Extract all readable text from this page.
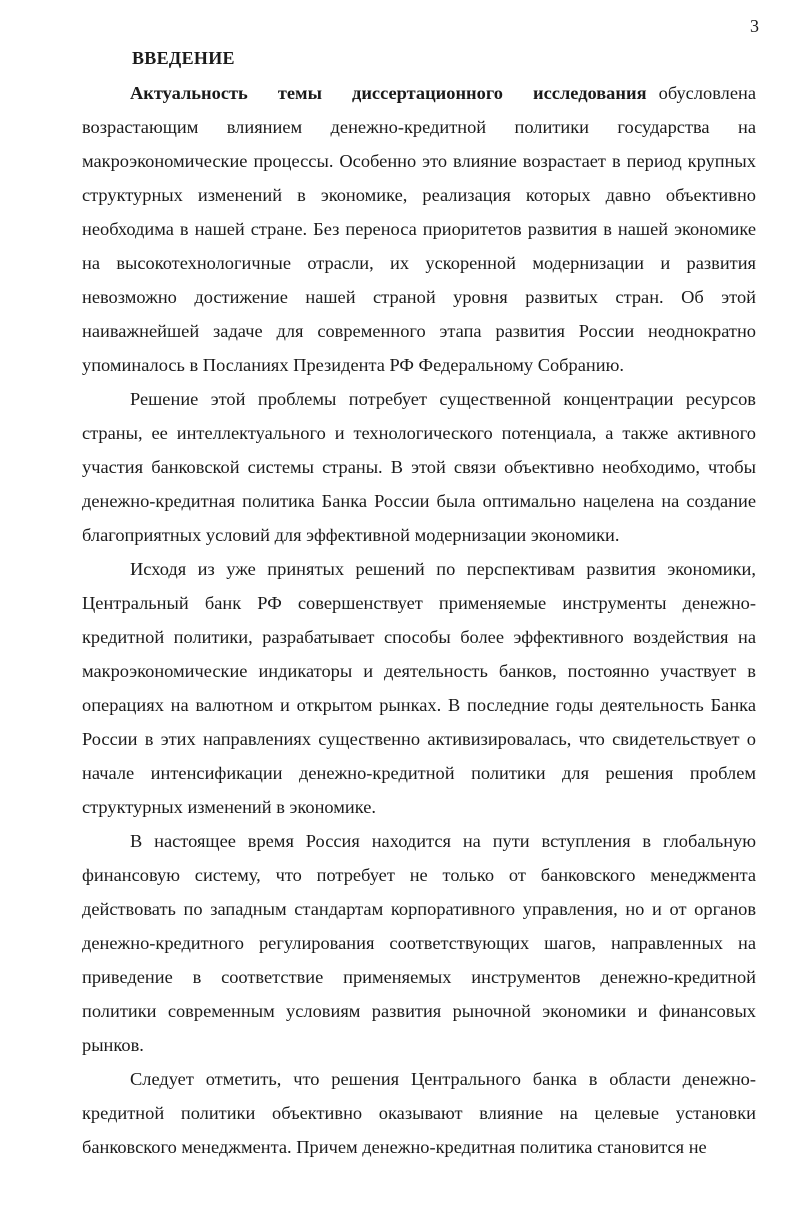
3
ВВЕДЕНИЕ

Актуальность темы диссертационного исследования обусловлена возрастающим влиянием денежно-кредитной политики государства на макроэкономические процессы. Особенно это влияние возрастает в период крупных структурных изменений в экономике, реализация которых давно объективно необходима в нашей стране. Без переноса приоритетов развития в нашей экономике на высокотехнологичные отрасли, их ускоренной модернизации и развития невозможно достижение нашей страной уровня развитых стран. Об этой наиважнейшей задаче для современного этапа развития России неоднократно упоминалось в Посланиях Президента РФ Федеральному Собранию.

Решение этой проблемы потребует существенной концентрации ресурсов страны, ее интеллектуального и технологического потенциала, а также активного участия банковской системы страны. В этой связи объективно необходимо, чтобы денежно-кредитная политика Банка России была оптимально нацелена на создание благоприятных условий для эффективной модернизации экономики.

Исходя из уже принятых решений по перспективам развития экономики, Центральный банк РФ совершенствует применяемые инструменты денежно-кредитной политики, разрабатывает способы более эффективного воздействия на макроэкономические индикаторы и деятельность банков, постоянно участвует в операциях на валютном и открытом рынках. В последние годы деятельность Банка России в этих направлениях существенно активизировалась, что свидетельствует о начале интенсификации денежно-кредитной политики для решения проблем структурных изменений в экономике.

В настоящее время Россия находится на пути вступления в глобальную финансовую систему, что потребует не только от банковского менеджмента действовать по западным стандартам корпоративного управления, но и от органов денежно-кредитного регулирования соответствующих шагов, направленных на приведение в соответствие применяемых инструментов денежно-кредитной политики современным условиям развития рыночной экономики и финансовых рынков.

Следует отметить, что решения Центрального банка в области денежно-кредитной политики объективно оказывают влияние на целевые установки банковского менеджмента. Причем денежно-кредитная политика становится не
